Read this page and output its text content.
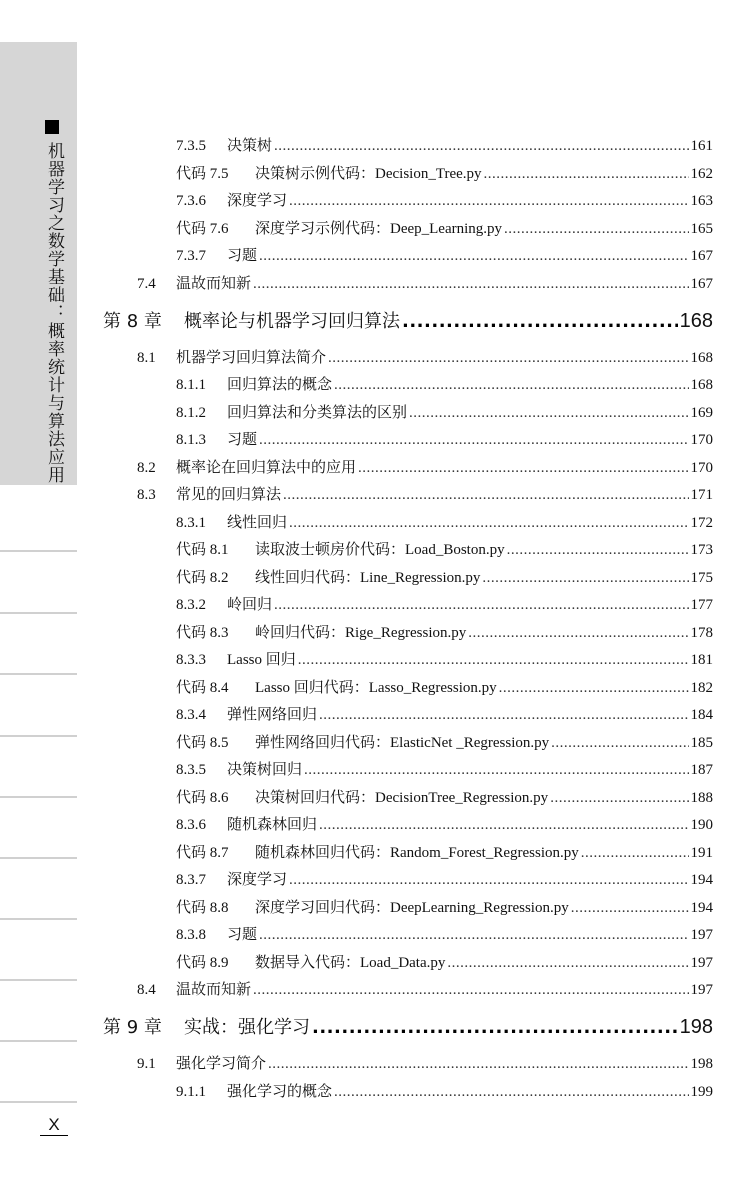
机器学习之数学基础：概率统计与算法应用	7.3.5 决策树 .....	161
代码 7.5 决策树示例代码：Decision_Tree.py .....	162
7.3.6 深度学习 .....	163
代码 7.6 深度学习示例代码：Deep_Learning.py .....	165
7.3.7 习题 .....	167
7.4 温故而知新 .....	167
第 8 章 概率论与机器学习回归算法 .....	168
8.1 机器学习回归算法简介 .....	168
8.1.1 回归算法的概念 .....	168
8.1.2 回归算法和分类算法的区别 .....	169
8.1.3 习题 .....	170
8.2 概率论在回归算法中的应用 .....	170
8.3 常见的回归算法 .....	171
8.3.1 线性回归 .....	172
代码 8.1 读取波士顿房价代码：Load_Boston.py .....	173
代码 8.2 线性回归代码：Line_Regression.py .....	175
8.3.2 岭回归 .....	177
代码 8.3 岭回归代码：Rige_Regression.py .....	178
8.3.3 Lasso 回归 .....	181
代码 8.4 Lasso 回归代码：Lasso_Regression.py .....	182
8.3.4 弹性网络回归 .....	184
代码 8.5 弹性网络回归代码：ElasticNet _Regression.py .....	185
8.3.5 决策树回归 .....	187
代码 8.6 决策树回归代码：DecisionTree_Regression.py .....	188
8.3.6 随机森林回归 .....	190
代码 8.7 随机森林回归代码：Random_Forest_Regression.py .....	191
8.3.7 深度学习 .....	194
代码 8.8 深度学习回归代码：DeepLearning_Regression.py .....	194
8.3.8 习题 .....	197
代码 8.9 数据导入代码：Load_Data.py .....	197
8.4 温故而知新 .....	197
第 9 章 实战：强化学习 .....	198
9.1 强化学习简介 .....	198
9.1.1 强化学习的概念 .....	199
X
